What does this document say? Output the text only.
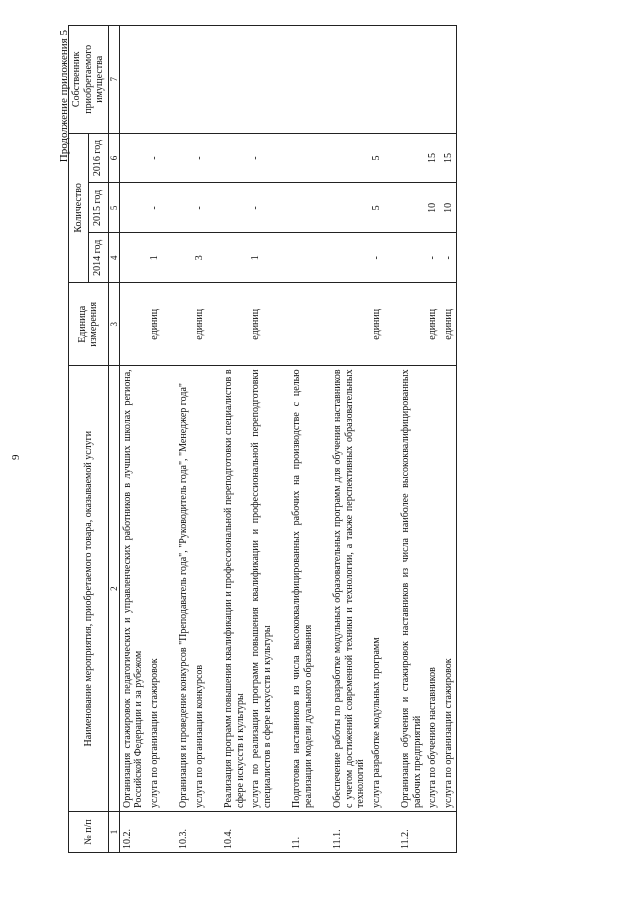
9
Продолжение приложения 5
№ п/п	Наименование мероприятия, приобретаемого товара, оказываемой услуги	Единица измерения	Количество			Собственник приобретаемого имущества
			2014 год	2015 год	2016 год	
1	2	3	4	5	6	7
10.2.	Организация стажировок педагогических и управленческих работников в лучших школах региона, Российской Федерации и за рубежом					
	услуга по организации стажировок	единиц	1	-	-	

10.3.	Организация и проведение конкурсов "Преподаватель года", "Руководитель года", "Менеджер года"					
	услуга по организации конкурсов	единиц	3	-	-	

10.4.	Реализация программ повышения квалификации и профессиональной переподготовки специалистов в сфере искусств и культуры					
	услуга по реализации программ повышения квалификации и профессиональной переподготовки специалистов в сфере искусств и культуры	единиц	1	-	-	

11.	Подготовка наставников из числа высококвалифицированных рабочих на производстве с целью реализации модели дуального образования					

11.1.	Обеспечение работы по разработке модульных образовательных программ для обучения наставников с учетом достижений современной техники и технологии, а также перспективных образовательных технологий					
	услуга разработке модульных программ	единиц	-	5	5	

11.2.	Организация обучения и стажировок наставников из числа наиболее высококвалифицированных рабочих предприятий					
	услуга по обучению наставников	единиц	-	10	15	
	услуга по организации стажировок	единиц	-	10	15	
